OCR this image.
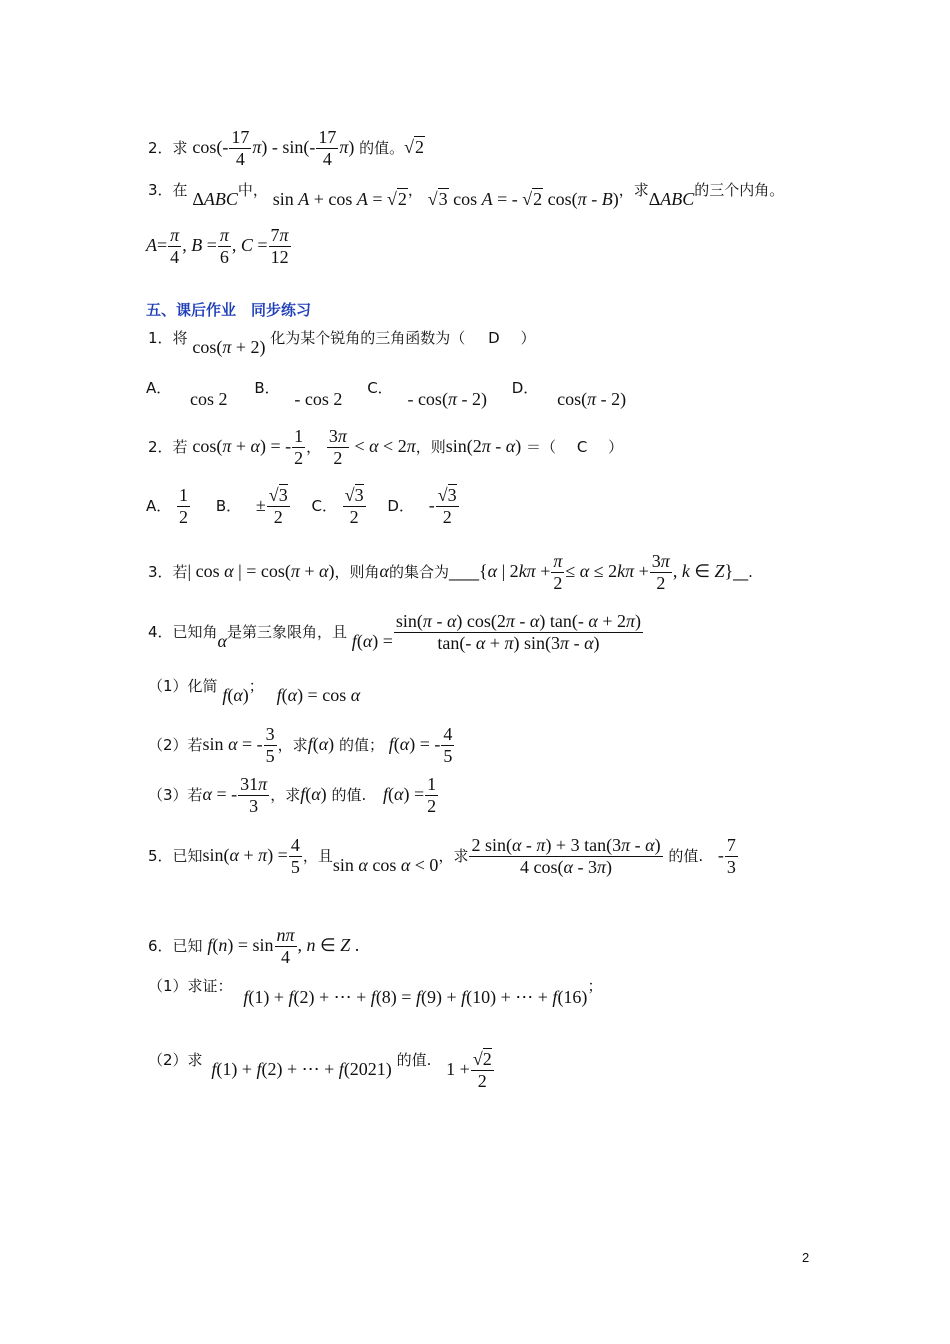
2．求 $\cos(- \frac{17}{4} \pi) - \sin(- \frac{17}{4} \pi)$ 的值。√2
3．在 ΔABC中， sin A + cos A = √2， √3 cos A = - √2 cos(π - B)，求ΔABC的三个内角。
$A= \frac{\pi}{4}$ , $B = \frac{\pi}{6}$ , $C = \frac{7\pi}{12}$
五、课后作业　同步练习
1．将 cos(π + 2) 化为某个锐角的三角函数为（ D ）
A． cos 2 B． - cos 2 C． - cos(π - 2) D． cos(π - 2)
2．若 cos(π + α) = - $\frac{1}{2}$ ， $\frac{3\pi}{2} < \alpha < 2\pi$，则sin(2π - α) ＝（ C ）
A． $\frac{1}{2}$ B． ± $\frac{√3}{2}$ C． $\frac{√3}{2}$ D． - $\frac{√3}{2}$
3．若| cos α | = cos(π + α)，则角α的集合为____{α | $2k\pi + \frac{\pi}{2} \le \alpha \le 2k\pi + \frac{3\pi}{2}$ , k ∈ Z}__.
4．已知角α是第三象限角，且 $f(\alpha) = \frac{\sin(\pi - \alpha) \cos(2\pi - \alpha) \tan(- \alpha + 2\pi)}{\tan(- \alpha + \pi) \sin(3\pi - \alpha)}$
（1）化简 f(α)； f(α) = cos α
（2）若sin α = - $\frac{3}{5}$ ，求f(α) 的值； f(α) = - $\frac{4}{5}$
（3）若α = - $\frac{31\pi}{3}$ ，求f(α) 的值. $f(\alpha) = \frac{1}{2}$
5．已知$\sin(\alpha + \pi) = \frac{4}{5}$ ，且sin α cos α < 0，求 $\frac{2 \sin(\alpha - \pi) + 3 \tan(3\pi - \alpha)}{4 \cos(\alpha - 3\pi)}$ 的值. - $\frac{7}{3}$
6．已知 $f(n) = \sin \frac{n\pi}{4}$ , n ∈ Z .
（1）求证： f(1) + f(2) + ⋯ + f(8) = f(9) + f(10) + ⋯ + f(16)；
（2）求 f(1) + f(2) + ⋯ + f(2021) 的值. $1 + \frac{√2}{2}$
2
